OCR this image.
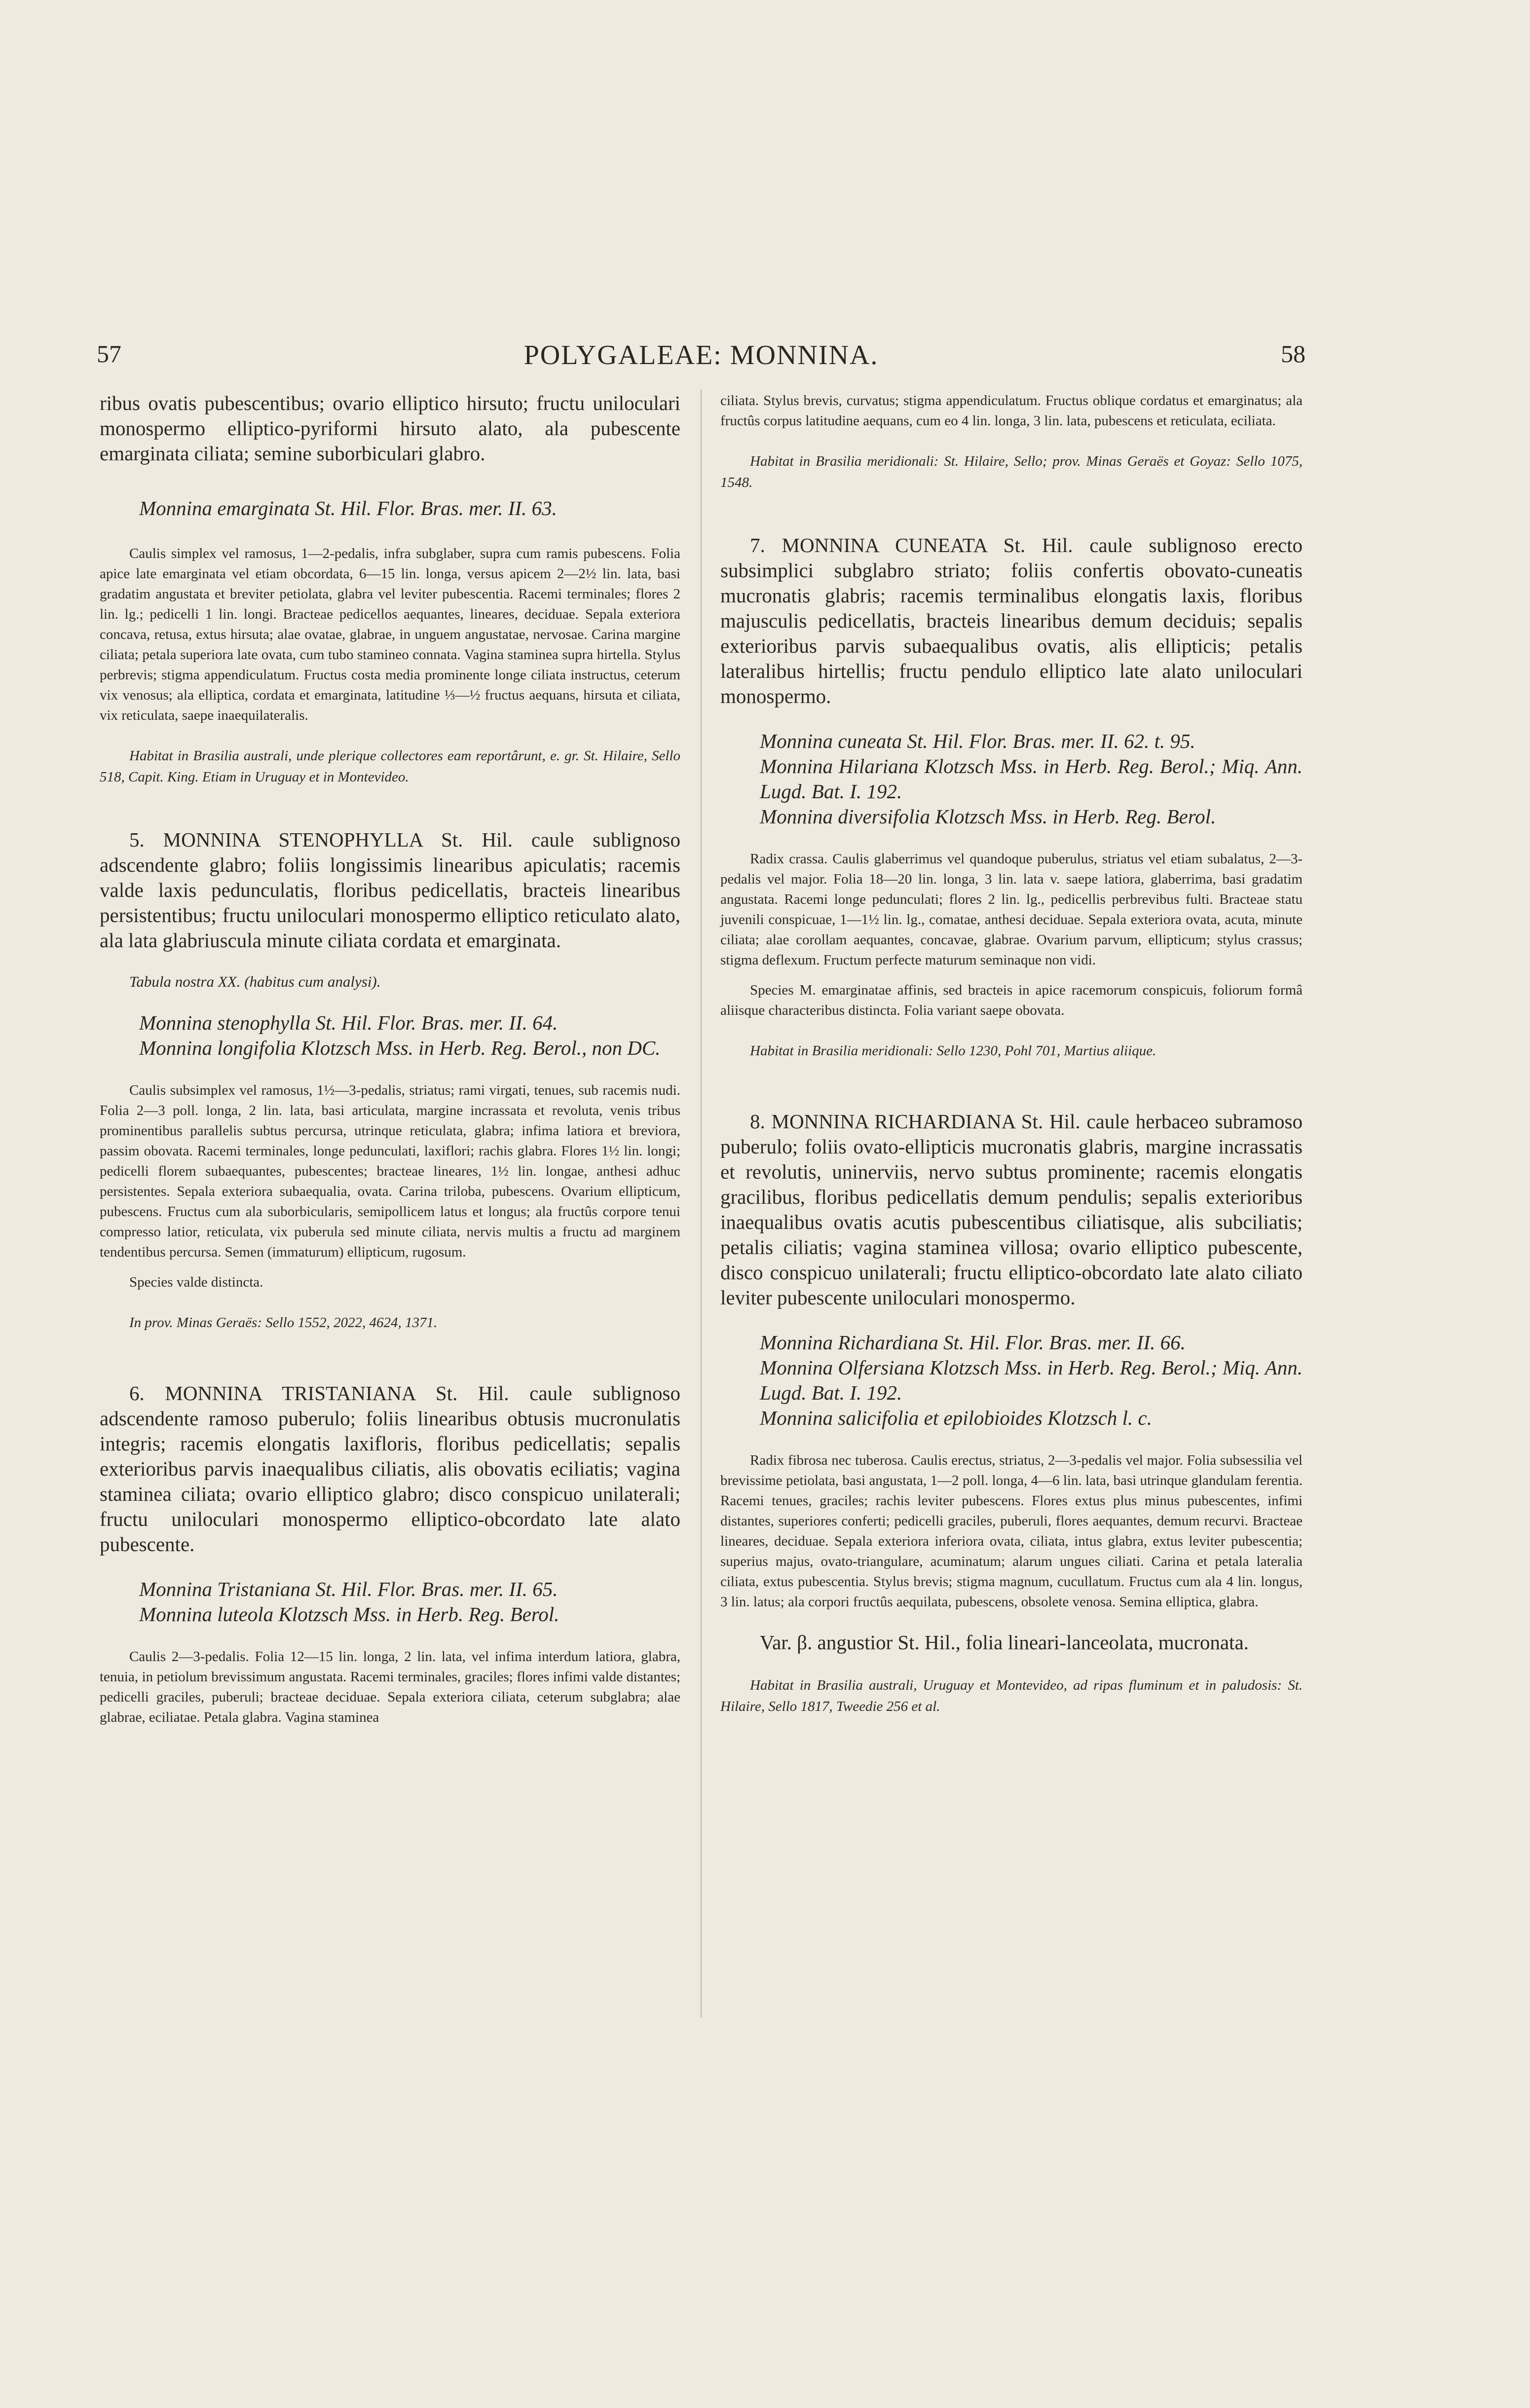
57	POLYGALEAE: MONNINA.	58

ribus ovatis pubescentibus; ovario elliptico hirsuto; fructu uniloculari monospermo elliptico-pyriformi hirsuto alato, ala pubescente emarginata ciliata; semine suborbiculari glabro.

Monnina emarginata St. Hil. Flor. Bras. mer. II. 63.

Caulis simplex vel ramosus, 1—2-pedalis, infra subglaber, supra cum ramis pubescens. Folia apice late emarginata vel etiam obcordata, 6—15 lin. longa, versus apicem 2—2½ lin. lata, basi gradatim angustata et breviter petiolata, glabra vel leviter pubescentia. Racemi terminales; flores 2 lin. lg.; pedicelli 1 lin. longi. Bracteae pedicellos aequantes, lineares, deciduae. Sepala exteriora concava, retusa, extus hirsuta; alae ovatae, glabrae, in unguem angustatae, nervosae. Carina margine ciliata; petala superiora late ovata, cum tubo stamineo connata. Vagina staminea supra hirtella. Stylus perbrevis; stigma appendiculatum. Fructus costa media prominente longe ciliata instructus, ceterum vix venosus; ala elliptica, cordata et emarginata, latitudine ⅓—½ fructus aequans, hirsuta et ciliata, vix reticulata, saepe inaequilateralis.

Habitat in Brasilia australi, unde plerique collectores eam reportârunt, e. gr. St. Hilaire, Sello 518, Capit. King. Etiam in Uruguay et in Montevideo.

5. MONNINA STENOPHYLLA St. Hil. caule sublignoso adscendente glabro; foliis longissimis linearibus apiculatis; racemis valde laxis pedunculatis, floribus pedicellatis, bracteis linearibus persistentibus; fructu uniloculari monospermo elliptico reticulato alato, ala lata glabriuscula minute ciliata cordata et emarginata.

Tabula nostra XX. (habitus cum analysi).

Monnina stenophylla St. Hil. Flor. Bras. mer. II. 64.

Monnina longifolia Klotzsch Mss. in Herb. Reg. Berol., non DC.

Caulis subsimplex vel ramosus, 1½—3-pedalis, striatus; rami virgati, tenues, sub racemis nudi. Folia 2—3 poll. longa, 2 lin. lata, basi articulata, margine incrassata et revoluta, venis tribus prominentibus parallelis subtus percursa, utrinque reticulata, glabra; infima latiora et breviora, passim obovata. Racemi terminales, longe pedunculati, laxiflori; rachis glabra. Flores 1½ lin. longi; pedicelli florem subaequantes, pubescentes; bracteae lineares, 1½ lin. longae, anthesi adhuc persistentes. Sepala exteriora subaequalia, ovata. Carina triloba, pubescens. Ovarium ellipticum, pubescens. Fructus cum ala suborbicularis, semipollicem latus et longus; ala fructûs corpore tenui compresso latior, reticulata, vix puberula sed minute ciliata, nervis multis a fructu ad marginem tendentibus percursa. Semen (immaturum) ellipticum, rugosum.

Species valde distincta.

In prov. Minas Geraës: Sello 1552, 2022, 4624, 1371.

6. MONNINA TRISTANIANA St. Hil. caule sublignoso adscendente ramoso puberulo; foliis linearibus obtusis mucronulatis integris; racemis elongatis laxifloris, floribus pedicellatis; sepalis exterioribus parvis inaequalibus ciliatis, alis obovatis eciliatis; vagina staminea ciliata; ovario elliptico glabro; disco conspicuo unilaterali; fructu uniloculari monospermo elliptico-obcordato late alato pubescente.

Monnina Tristaniana St. Hil. Flor. Bras. mer. II. 65.

Monnina luteola Klotzsch Mss. in Herb. Reg. Berol.

Caulis 2—3-pedalis. Folia 12—15 lin. longa, 2 lin. lata, vel infima interdum latiora, glabra, tenuia, in petiolum brevissimum angustata. Racemi terminales, graciles; flores infimi valde distantes; pedicelli graciles, puberuli; bracteae deciduae. Sepala exteriora ciliata, ceterum subglabra; alae glabrae, eciliatae. Petala glabra. Vagina staminea

ciliata. Stylus brevis, curvatus; stigma appendiculatum. Fructus oblique cordatus et emarginatus; ala fructûs corpus latitudine aequans, cum eo 4 lin. longa, 3 lin. lata, pubescens et reticulata, eciliata.

Habitat in Brasilia meridionali: St. Hilaire, Sello; prov. Minas Geraës et Goyaz: Sello 1075, 1548.

7. MONNINA CUNEATA St. Hil. caule sublignoso erecto subsimplici subglabro striato; foliis confertis obovato-cuneatis mucronatis glabris; racemis terminalibus elongatis laxis, floribus majusculis pedicellatis, bracteis linearibus demum deciduis; sepalis exterioribus parvis subaequalibus ovatis, alis ellipticis; petalis lateralibus hirtellis; fructu pendulo elliptico late alato uniloculari monospermo.

Monnina cuneata St. Hil. Flor. Bras. mer. II. 62. t. 95.

Monnina Hilariana Klotzsch Mss. in Herb. Reg. Berol.; Miq. Ann. Lugd. Bat. I. 192.

Monnina diversifolia Klotzsch Mss. in Herb. Reg. Berol.

Radix crassa. Caulis glaberrimus vel quandoque puberulus, striatus vel etiam subalatus, 2—3-pedalis vel major. Folia 18—20 lin. longa, 3 lin. lata v. saepe latiora, glaberrima, basi gradatim angustata. Racemi longe pedunculati; flores 2 lin. lg., pedicellis perbrevibus fulti. Bracteae statu juvenili conspicuae, 1—1½ lin. lg., comatae, anthesi deciduae. Sepala exteriora ovata, acuta, minute ciliata; alae corollam aequantes, concavae, glabrae. Ovarium parvum, ellipticum; stylus crassus; stigma deflexum. Fructum perfecte maturum seminaque non vidi.

Species M. emarginatae affinis, sed bracteis in apice racemorum conspicuis, foliorum formâ aliisque characteribus distincta. Folia variant saepe obovata.

Habitat in Brasilia meridionali: Sello 1230, Pohl 701, Martius aliique.

8. MONNINA RICHARDIANA St. Hil. caule herbaceo subramoso puberulo; foliis ovato-ellipticis mucronatis glabris, margine incrassatis et revolutis, uninerviis, nervo subtus prominente; racemis elongatis gracilibus, floribus pedicellatis demum pendulis; sepalis exterioribus inaequalibus ovatis acutis pubescentibus ciliatisque, alis subciliatis; petalis ciliatis; vagina staminea villosa; ovario elliptico pubescente, disco conspicuo unilaterali; fructu elliptico-obcordato late alato ciliato leviter pubescente uniloculari monospermo.

Monnina Richardiana St. Hil. Flor. Bras. mer. II. 66.

Monnina Olfersiana Klotzsch Mss. in Herb. Reg. Berol.; Miq. Ann. Lugd. Bat. I. 192.

Monnina salicifolia et epilobioides Klotzsch l. c.

Radix fibrosa nec tuberosa. Caulis erectus, striatus, 2—3-pedalis vel major. Folia subsessilia vel brevissime petiolata, basi angustata, 1—2 poll. longa, 4—6 lin. lata, basi utrinque glandulam ferentia. Racemi tenues, graciles; rachis leviter pubescens. Flores extus plus minus pubescentes, infimi distantes, superiores conferti; pedicelli graciles, puberuli, flores aequantes, demum recurvi. Bracteae lineares, deciduae. Sepala exteriora inferiora ovata, ciliata, intus glabra, extus leviter pubescentia; superius majus, ovato-triangulare, acuminatum; alarum ungues ciliati. Carina et petala lateralia ciliata, extus pubescentia. Stylus brevis; stigma magnum, cucullatum. Fructus cum ala 4 lin. longus, 3 lin. latus; ala corpori fructûs aequilata, pubescens, obsolete venosa. Semina elliptica, glabra.

Var. β. angustior St. Hil., folia lineari-lanceolata, mucronata.

Habitat in Brasilia australi, Uruguay et Montevideo, ad ripas fluminum et in paludosis: St. Hilaire, Sello 1817, Tweedie 256 et al.
